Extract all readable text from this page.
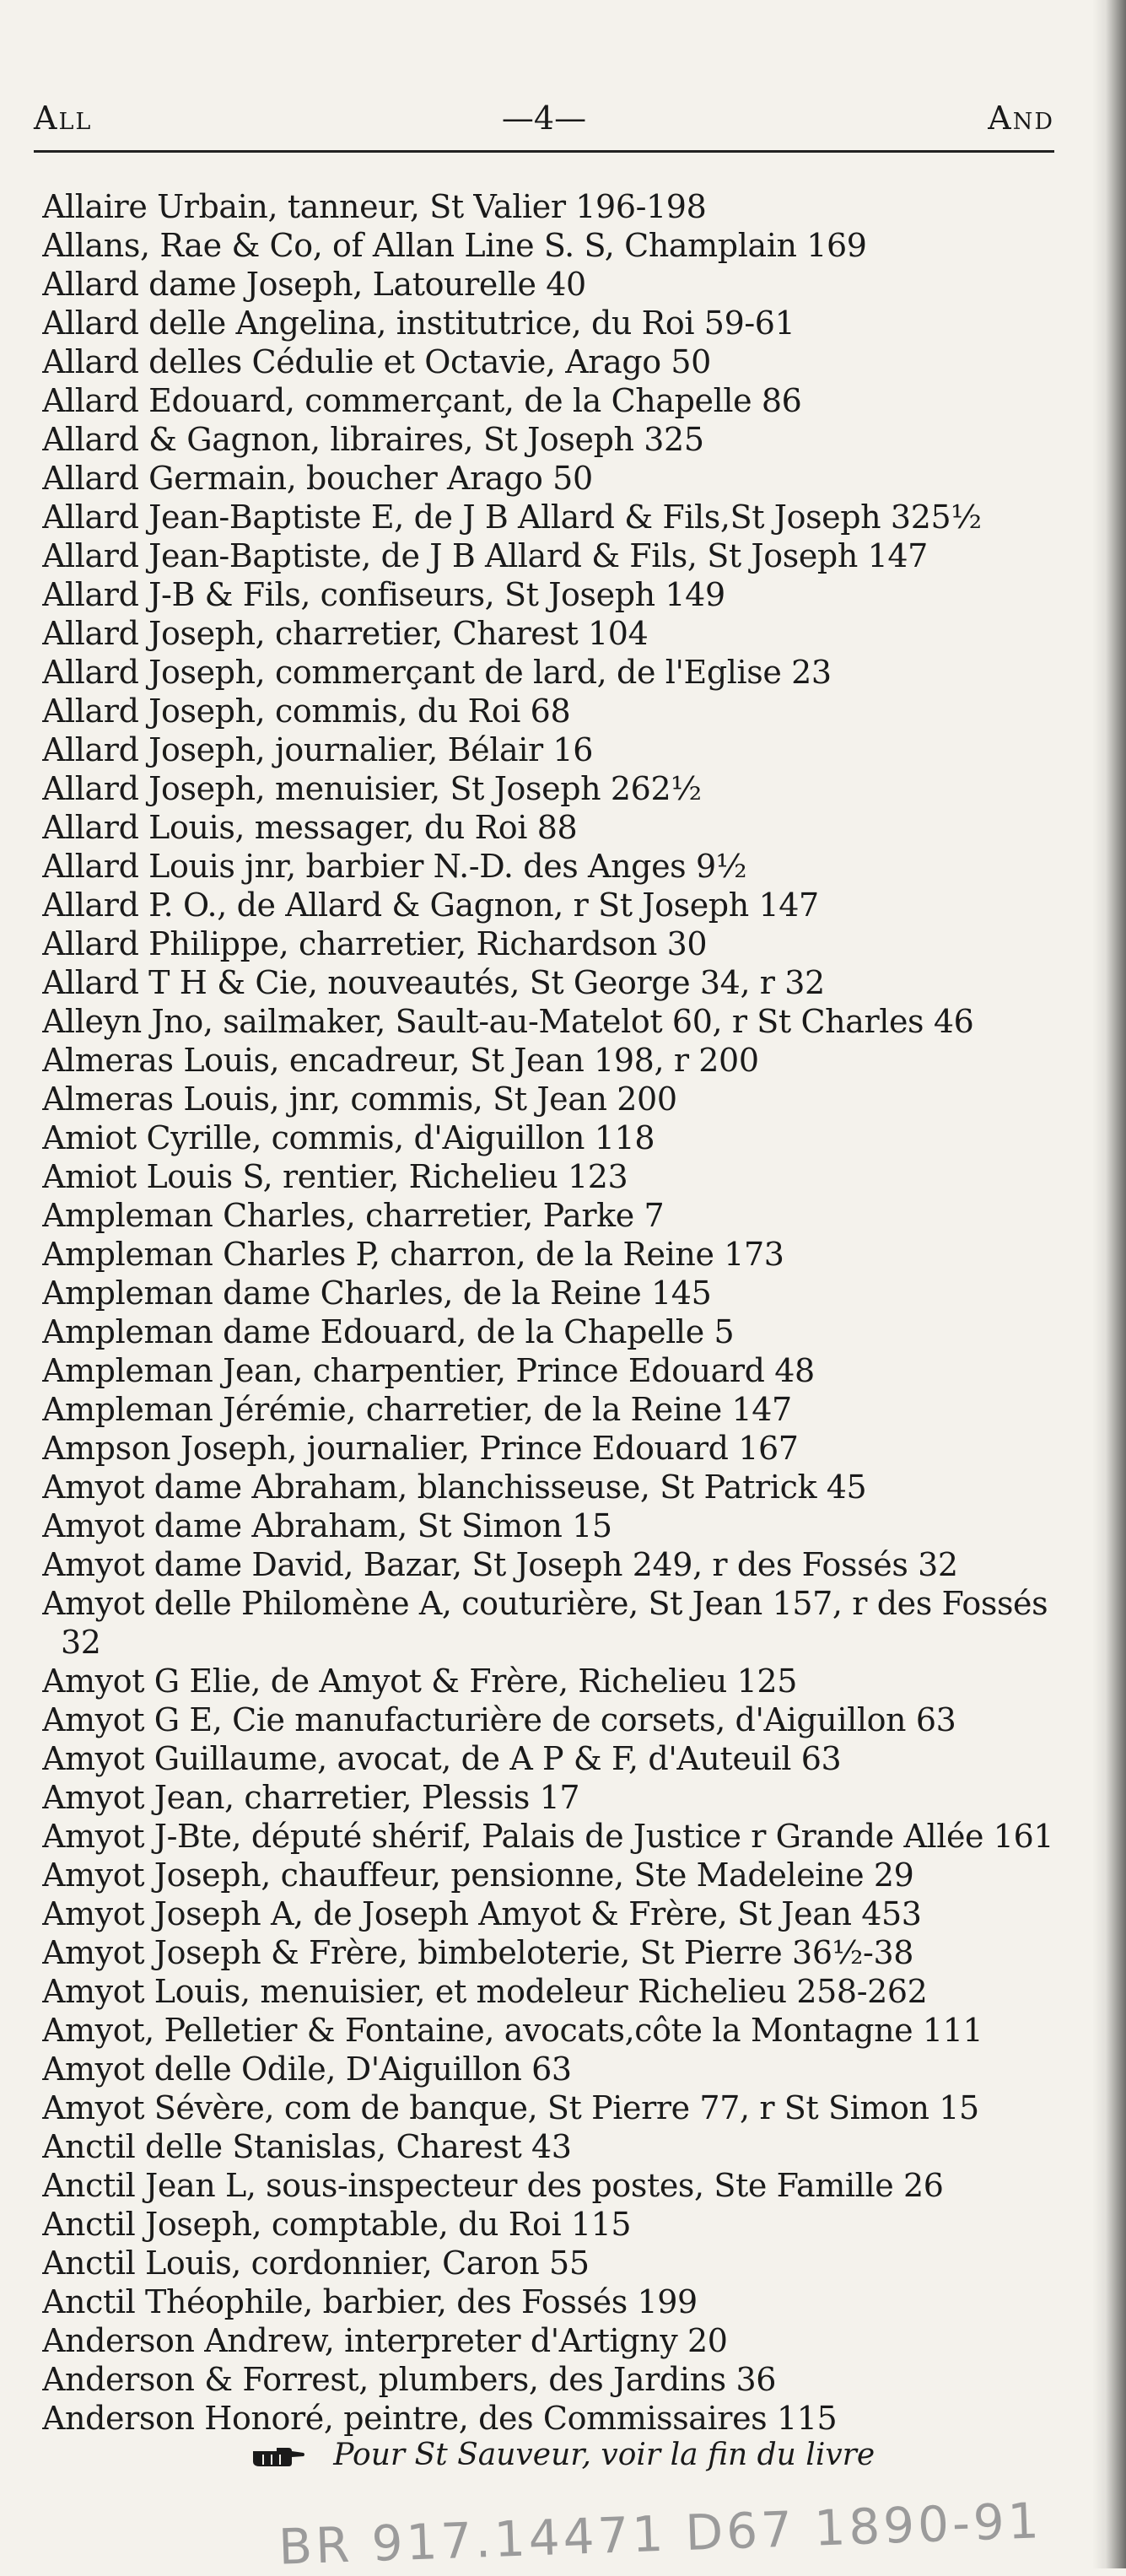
All	—4—	And
Allaire Urbain, tanneur, St Valier 196-198
Allans, Rae & Co, of Allan Line S. S, Champlain 169
Allard dame Joseph, Latourelle 40
Allard delle Angelina, institutrice, du Roi 59-61
Allard delles Cédulie et Octavie, Arago 50
Allard Edouard, commerçant, de la Chapelle 86
Allard & Gagnon, libraires, St Joseph 325
Allard Germain, boucher Arago 50
Allard Jean-Baptiste E, de J B Allard & Fils,St Joseph 325½
Allard Jean-Baptiste, de J B Allard & Fils, St Joseph 147
Allard J-B & Fils, confiseurs, St Joseph 149
Allard Joseph, charretier, Charest 104
Allard Joseph, commerçant de lard, de l'Eglise 23
Allard Joseph, commis, du Roi 68
Allard Joseph, journalier, Bélair 16
Allard Joseph, menuisier, St Joseph 262½
Allard Louis, messager, du Roi 88
Allard Louis jnr, barbier N.-D. des Anges 9½
Allard P. O., de Allard & Gagnon, r St Joseph 147
Allard Philippe, charretier, Richardson 30
Allard T H & Cie, nouveautés, St George 34, r 32
Alleyn Jno, sailmaker, Sault-au-Matelot 60, r St Charles 46
Almeras Louis, encadreur, St Jean 198, r 200
Almeras Louis, jnr, commis, St Jean 200
Amiot Cyrille, commis, d'Aiguillon 118
Amiot Louis S, rentier, Richelieu 123
Ampleman Charles, charretier, Parke 7
Ampleman Charles P, charron, de la Reine 173
Ampleman dame Charles, de la Reine 145
Ampleman dame Edouard, de la Chapelle 5
Ampleman Jean, charpentier, Prince Edouard 48
Ampleman Jérémie, charretier, de la Reine 147
Ampson Joseph, journalier, Prince Edouard 167
Amyot dame Abraham, blanchisseuse, St Patrick 45
Amyot dame Abraham, St Simon 15
Amyot dame David, Bazar, St Joseph 249, r des Fossés 32
Amyot delle Philomène A, couturière, St Jean 157, r des Fossés 32
Amyot G Elie, de Amyot & Frère, Richelieu 125
Amyot G E, Cie manufacturière de corsets, d'Aiguillon 63
Amyot Guillaume, avocat, de A P & F, d'Auteuil 63
Amyot Jean, charretier, Plessis 17
Amyot J-Bte, député shérif, Palais de Justice r Grande Allée 161
Amyot Joseph, chauffeur, pensionne, Ste Madeleine 29
Amyot Joseph A, de Joseph Amyot & Frère, St Jean 453
Amyot Joseph & Frère, bimbeloterie, St Pierre 36½-38
Amyot Louis, menuisier, et modeleur Richelieu 258-262
Amyot, Pelletier & Fontaine, avocats,côte la Montagne 111
Amyot delle Odile, D'Aiguillon 63
Amyot Sévère, com de banque, St Pierre 77, r St Simon 15
Anctil delle Stanislas, Charest 43
Anctil Jean L, sous-inspecteur des postes, Ste Famille 26
Anctil Joseph, comptable, du Roi 115
Anctil Louis, cordonnier, Caron 55
Anctil Théophile, barbier, des Fossés 199
Anderson Andrew, interpreter d'Artigny 20
Anderson & Forrest, plumbers, des Jardins 36
Anderson Honoré, peintre, des Commissaires 115
Pour St Sauveur, voir la fin du livre
BR 917.14471 D67 1890-91
